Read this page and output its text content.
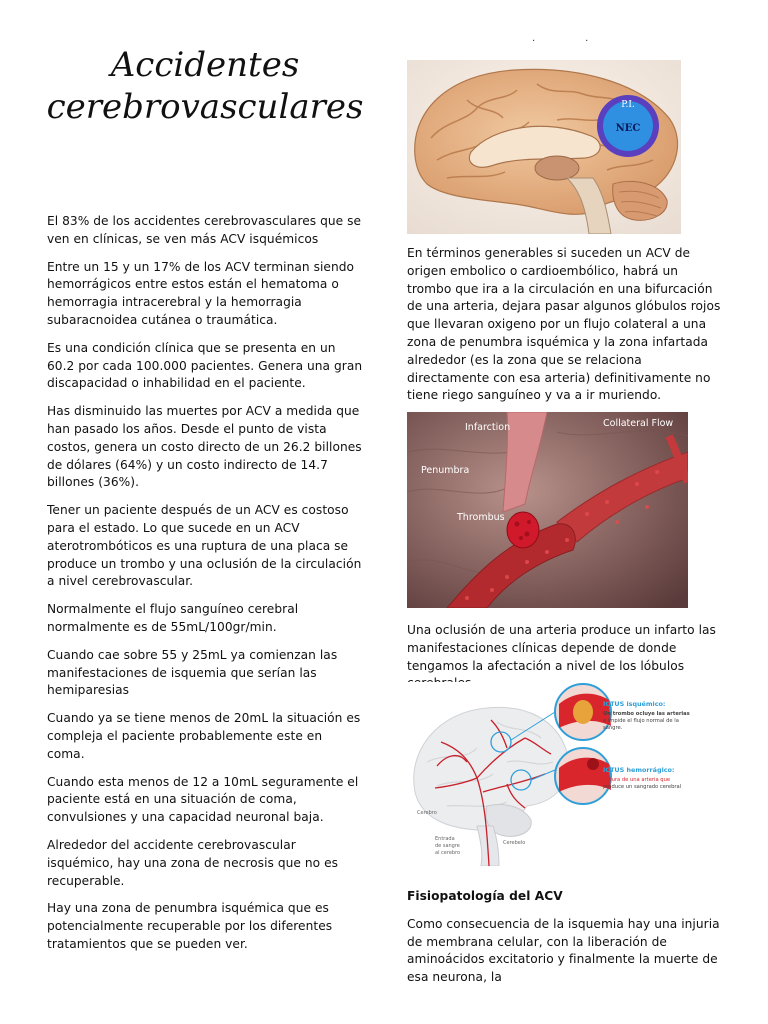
Accidentes
cerebrovasculares
··

El 83% de los accidentes cerebrovasculares que se ven en clínicas, se ven más ACV isquémicos

Entre un 15 y un 17% de los ACV terminan siendo hemorrágicos entre estos están el hematoma o hemorragia intracerebral y la hemorragia subaracnoidea cutánea o traumática.

Es una condición clínica que se presenta en un 60.2 por cada 100.000 pacientes. Genera una gran discapacidad o inhabilidad en el paciente.

Has disminuido las muertes por ACV a medida que han pasado los años. Desde el punto de vista costos, genera un costo directo de un 26.2 billones de dólares (64%) y un costo indirecto de 14.7 billones (36%).

Tener un paciente después de un ACV es costoso para el estado. Lo que sucede en un ACV aterotrombóticos es una ruptura de una placa se produce un trombo y una oclusión de la circulación a nivel cerebrovascular.

Normalmente el flujo sanguíneo cerebral normalmente es de 55mL/100gr/min.

Cuando cae sobre 55 y 25mL ya comienzan las manifestaciones de isquemia que serían las hemiparesias

Cuando ya se tiene menos de 20mL la situación es compleja el paciente probablemente este en coma.

Cuando esta menos de 12 a 10mL seguramente el paciente está en una situación de coma, convulsiones y una capacidad neuronal baja.

Alrededor del accidente cerebrovascular isquémico, hay una zona de necrosis que no es recuperable.

Hay una zona de penumbra isquémica que es potencialmente recuperable por los diferentes tratamientos que se pueden ver.

P.I.
NEC

En términos generables si suceden un ACV de origen embolico o cardioembólico, habrá un trombo que ira a la circulación en una bifurcación de una arteria, dejara pasar algunos glóbulos rojos que llevaran oxigeno por un flujo colateral a una zona de penumbra isquémica y la zona infartada alrededor (es la zona que se relaciona directamente con esa arteria) definitivamente no tiene riego sanguíneo y va a ir muriendo.

Infarction	Collateral Flow
Penumbra
Thrombus

Una oclusión de una arteria produce un infarto las manifestaciones clínicas depende de donde tengamos la afectación a nivel de los lóbulos

ICTUS isquémico:
Un trombo ocluye las arterias
e impide el flujo normal de la
sangre.
ICTUS hemorrágico:
Rotura de una arteria que
produce un sangrado cerebral
Cerebro
Cerebelo
Entrada
de sangre
al cerebro

Fisiopatología del ACV

Como consecuencia de la isquemia hay una injuria de membrana celular, con la liberación de aminoácidos excitatorio y finalmente la muerte de esa neurona, la
